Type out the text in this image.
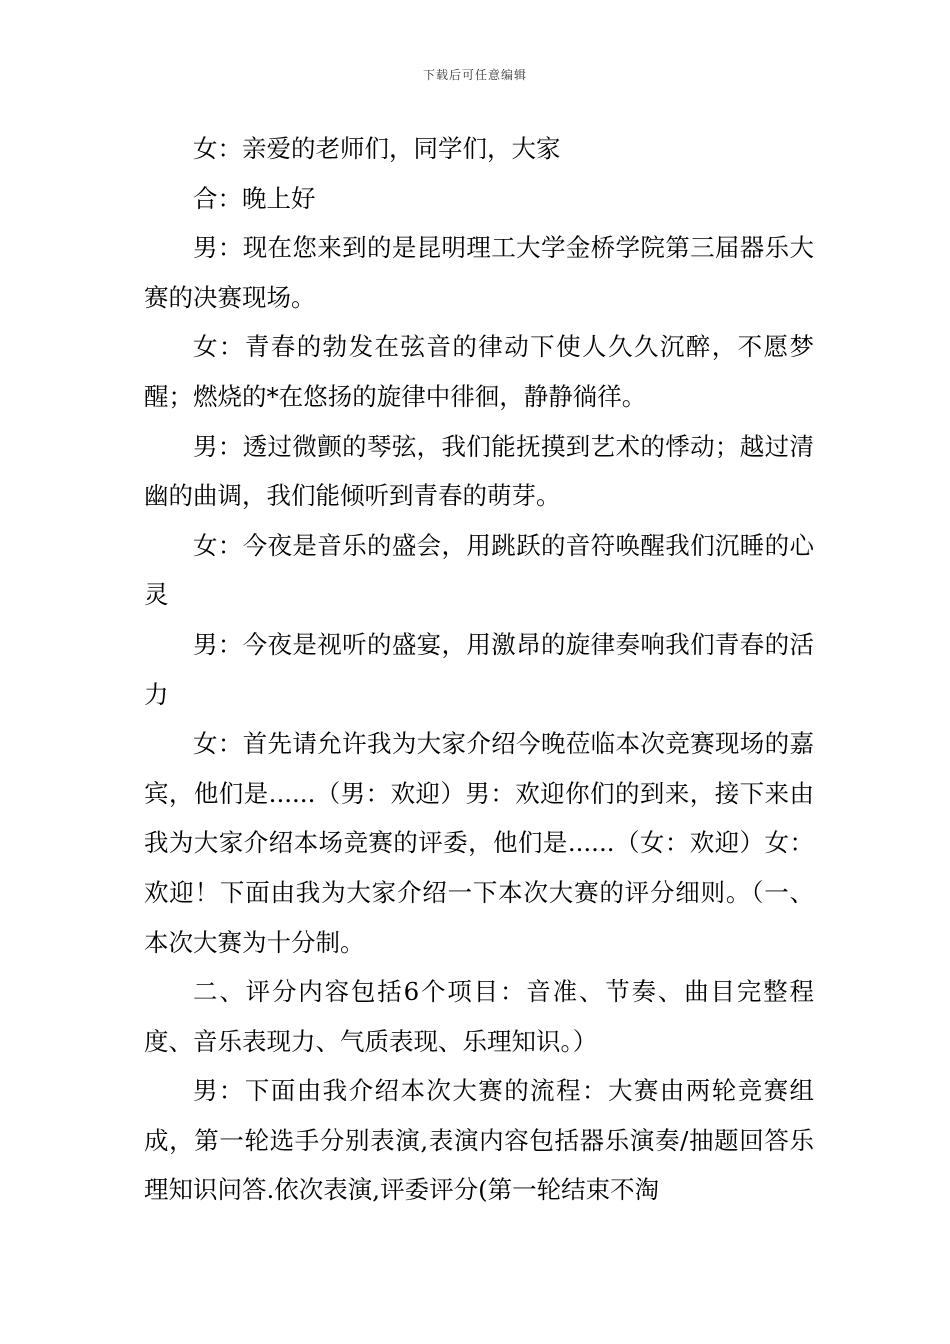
下载后可任意编辑

女：亲爱的老师们，同学们，大家

合：晚上好

男：现在您来到的是昆明理工大学金桥学院第三届器乐大赛的决赛现场。

女：青春的勃发在弦音的律动下使人久久沉醉，不愿梦醒；燃烧的*在悠扬的旋律中徘徊，静静徜徉。

男：透过微颤的琴弦，我们能抚摸到艺术的悸动；越过清幽的曲调，我们能倾听到青春的萌芽。

女：今夜是音乐的盛会，用跳跃的音符唤醒我们沉睡的心灵

男：今夜是视听的盛宴，用激昂的旋律奏响我们青春的活力

女：首先请允许我为大家介绍今晚莅临本次竞赛现场的嘉宾，他们是......（男：欢迎）男：欢迎你们的到来，接下来由我为大家介绍本场竞赛的评委，他们是......（女：欢迎）女：欢迎！下面由我为大家介绍一下本次大赛的评分细则。（一、本次大赛为十分制。

二、评分内容包括6个项目：音准、节奏、曲目完整程度、音乐表现力、气质表现、乐理知识。）

男：下面由我介绍本次大赛的流程：大赛由两轮竞赛组成，第一轮选手分别表演,表演内容包括器乐演奏/抽题回答乐理知识问答.依次表演,评委评分(第一轮结束不淘
